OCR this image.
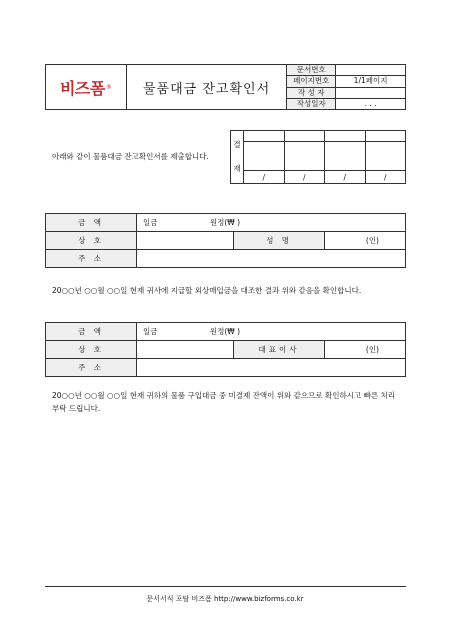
비즈폼 ®	물품대금 잔고확인서	문서번호	
		페이지번호	1/1페이지
		작 성 자	
		작성일자	. . .
아래와 같이 물품대금 잔고확인서를 제출합니다.
결

재				

	/	/	/	/
금 액	일금 원정(₩ )		
상 호		성 명	(인)
주 소			
20○○년 ○○월 ○○일 현재 귀사에 지급할 외상매입금을 대조한 결과 위와 같음을 확인합니다.
금 액	일금 원정(₩ )		
상 호		대표이사	(인)
주 소			
20○○년 ○○월 ○○일 현재 귀하의 물품 구입대금 중 미결제 잔액이 위와 같으므로 확인하시고 빠른 처리 부탁 드립니다.
문서서식 포탈 비즈폼 http://www.bizforms.co.kr
